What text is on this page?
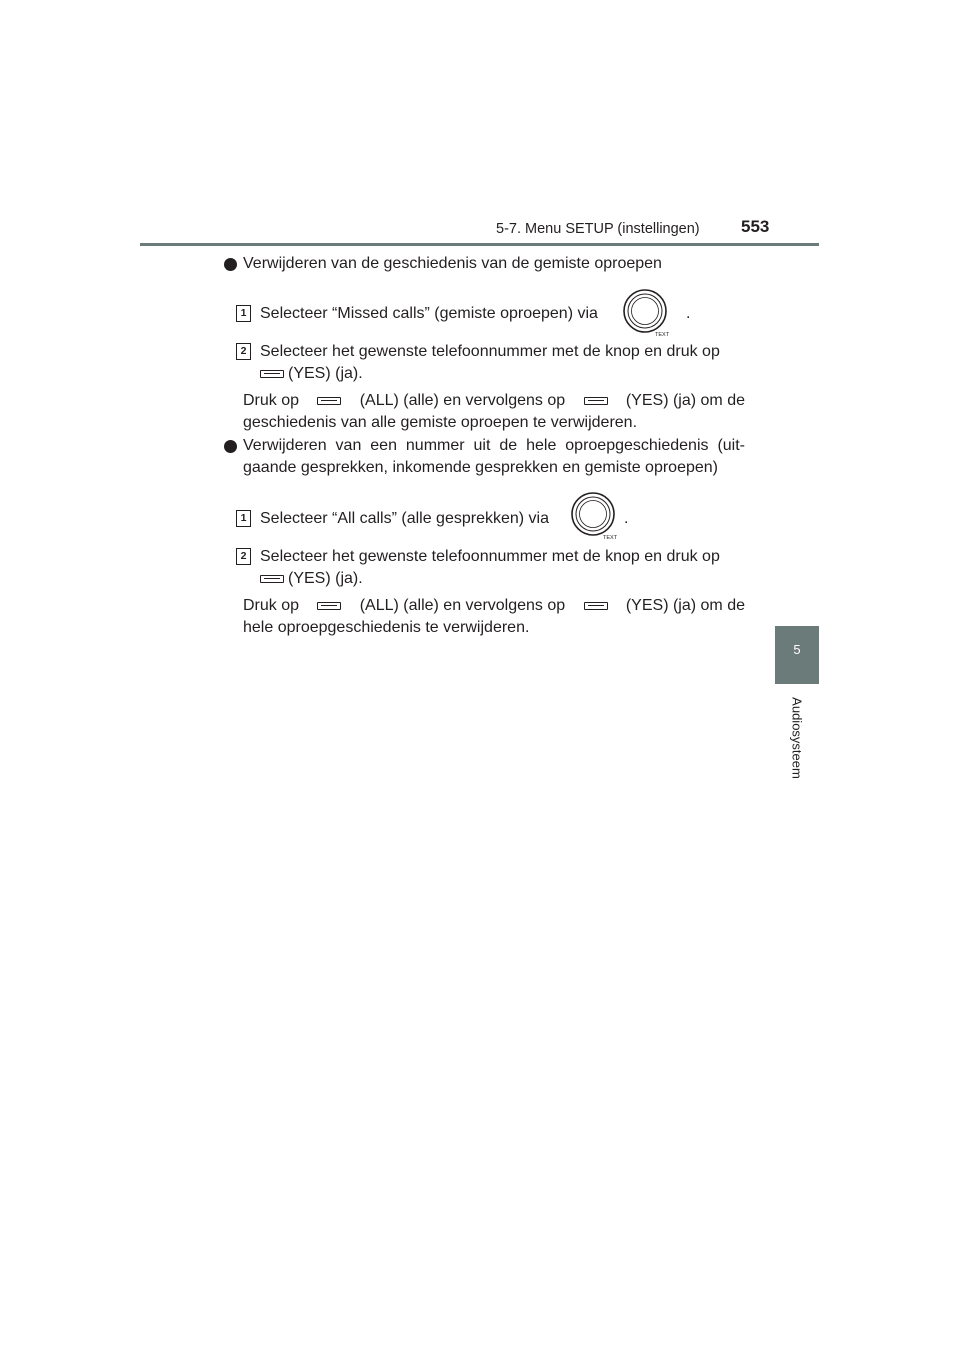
5-7. Menu SETUP (instellingen) 553
5
Audiosysteem
Verwijderen van de geschiedenis van de gemiste oproepen
1 Selecteer “Missed calls” (gemiste oproepen) via
TEXT
.
2 Selecteer het gewenste telefoonnummer met de knop en druk op
(YES) (ja).
Druk op	(ALL) (alle) en vervolgens op	(YES) (ja) om de
geschiedenis van alle gemiste oproepen te verwijderen.
Verwijderen van een nummer uit de hele oproepgeschiedenis (uit-
gaande gesprekken, inkomende gesprekken en gemiste oproepen)
1 Selecteer “All calls” (alle gesprekken) via
TEXT
.
2 Selecteer het gewenste telefoonnummer met de knop en druk op
(YES) (ja).
Druk op	(ALL) (alle) en vervolgens op	(YES) (ja) om de
hele oproepgeschiedenis te verwijderen.
